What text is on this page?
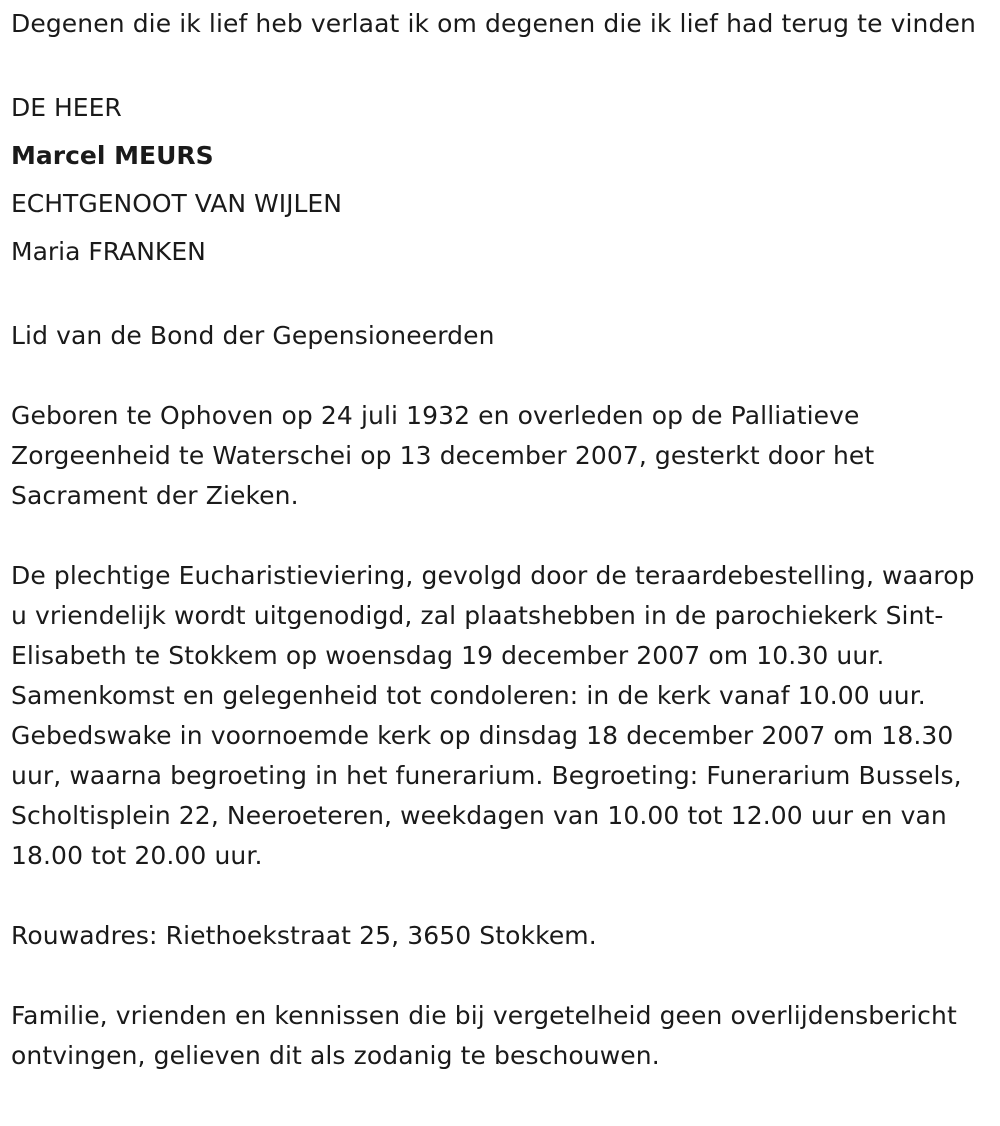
Degenen die ik lief heb verlaat ik om degenen die ik lief had terug te vinden

DE HEER
Marcel MEURS
ECHTGENOOT VAN WIJLEN
Maria FRANKEN

Lid van de Bond der Gepensioneerden

Geboren te Ophoven op 24 juli 1932 en overleden op de Palliatieve Zorgeenheid te Waterschei op 13 december 2007, gesterkt door het Sacrament der Zieken.

De plechtige Eucharistieviering, gevolgd door de teraardebestelling, waarop u vriendelijk wordt uitgenodigd, zal plaatshebben in de parochiekerk Sint-Elisabeth te Stokkem op woensdag 19 december 2007 om 10.30 uur. Samenkomst en gelegenheid tot condoleren: in de kerk vanaf 10.00 uur. Gebedswake in voornoemde kerk op dinsdag 18 december 2007 om 18.30 uur, waarna begroeting in het funerarium. Begroeting: Funerarium Bussels, Scholtisplein 22, Neeroeteren, weekdagen van 10.00 tot 12.00 uur en van 18.00 tot 20.00 uur.

Rouwadres: Riethoekstraat 25, 3650 Stokkem.

Familie, vrienden en kennissen die bij vergetelheid geen overlijdensbericht ontvingen, gelieven dit als zodanig te beschouwen.
